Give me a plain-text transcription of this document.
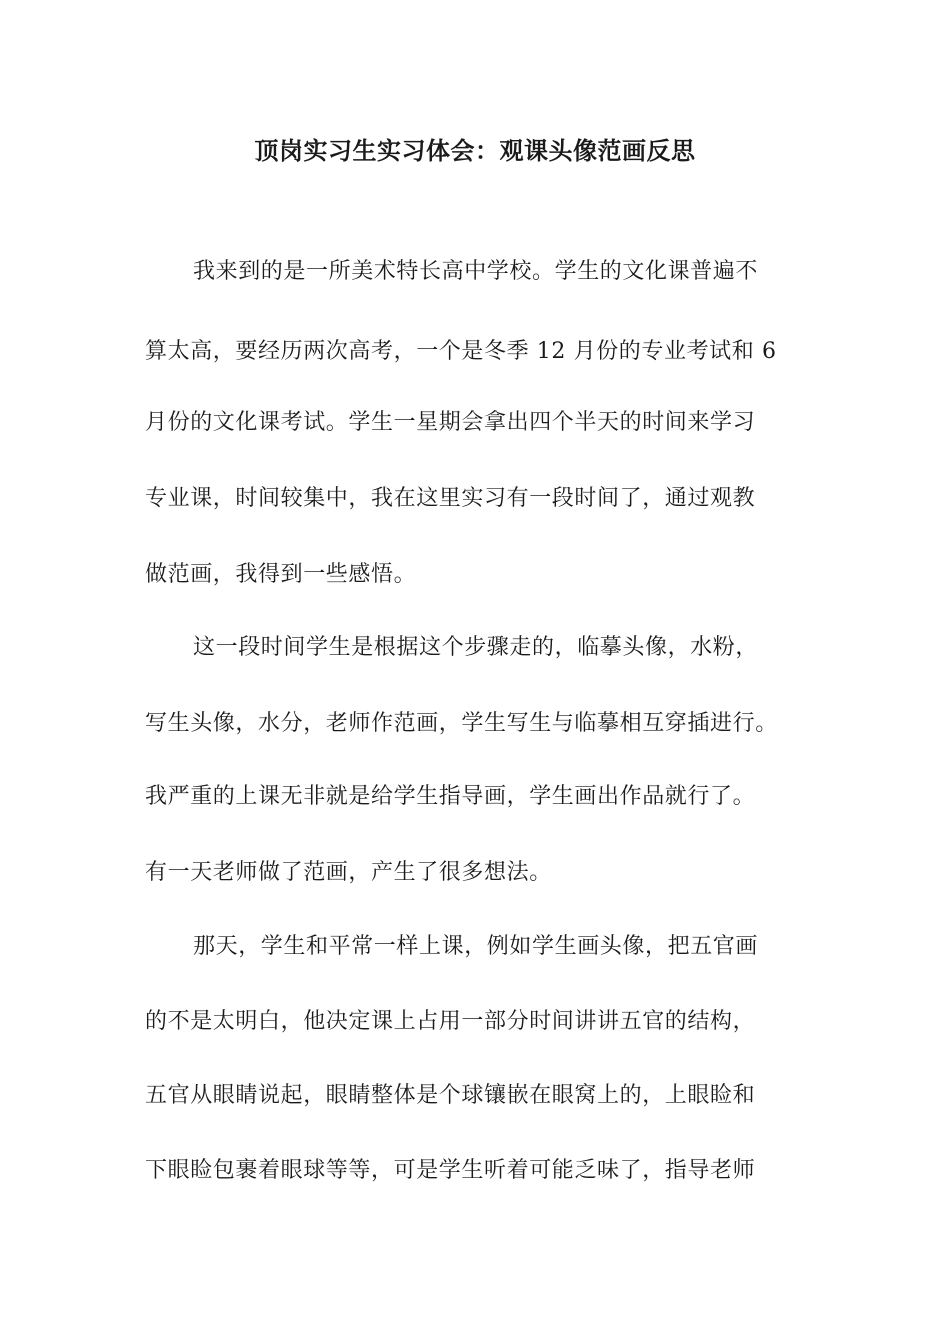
顶岗实习生实习体会：观课头像范画反思
我来到的是一所美术特长高中学校。学生的文化课普遍不
算太高，要经历两次高考，一个是冬季 12 月份的专业考试和 6
月份的文化课考试。学生一星期会拿出四个半天的时间来学习
专业课，时间较集中，我在这里实习有一段时间了，通过观教
做范画，我得到一些感悟。
这一段时间学生是根据这个步骤走的，临摹头像，水粉，
写生头像，水分，老师作范画，学生写生与临摹相互穿插进行。
我严重的上课无非就是给学生指导画，学生画出作品就行了。
有一天老师做了范画，产生了很多想法。
那天，学生和平常一样上课，例如学生画头像，把五官画
的不是太明白，他决定课上占用一部分时间讲讲五官的结构，
五官从眼睛说起，眼睛整体是个球镶嵌在眼窝上的，上眼睑和
下眼睑包裹着眼球等等，可是学生听着可能乏味了，指导老师
